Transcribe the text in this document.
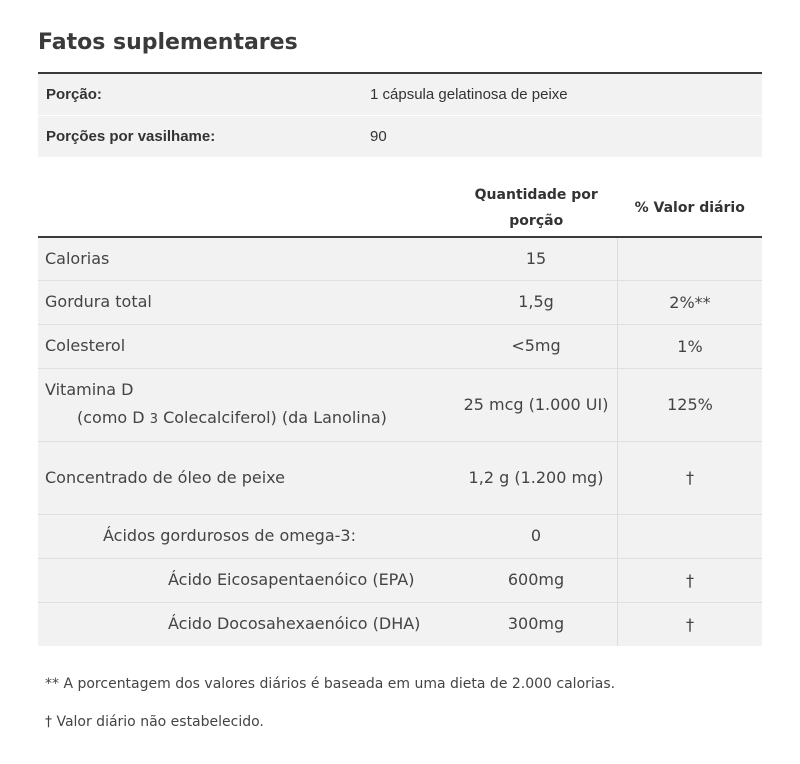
Fatos suplementares
Porção:	1 cápsula gelatinosa de peixe
Porções por vasilhame:	90
	Quantidade por porção	% Valor diário
Calorias	15	
Gordura total	1,5g	2%**
Colesterol	<5mg	1%

Vitamina D
(como D 3 Colecalciferol) (da Lanolina)	25 mcg (1.000 UI)	125%
Concentrado de óleo de peixe	1,2 g (1.200 mg)	†
Ácidos gordurosos de omega-3:	0	
Ácido Eicosapentaenóico (EPA)	600mg	†
Ácido Docosahexaenóico (DHA)	300mg	†
** A porcentagem dos valores diários é baseada em uma dieta de 2.000 calorias.
† Valor diário não estabelecido.
